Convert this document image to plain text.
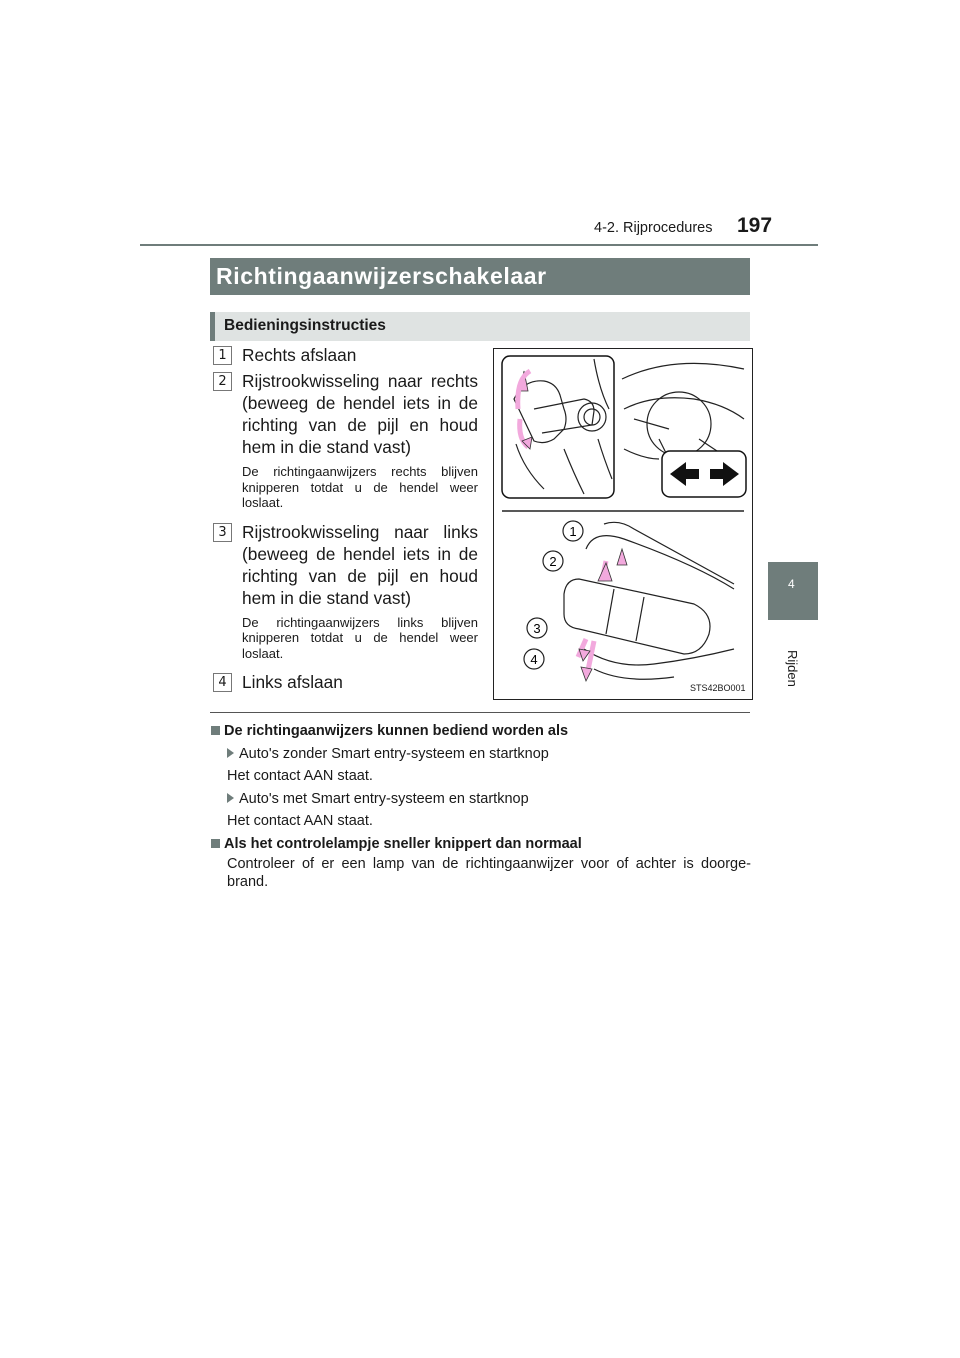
4-2. Rijprocedures 197
4
Rijden
Richtingaanwijzerschakelaar
Bedieningsinstructies
1 Rechts afslaan
2 Rijstrookwisseling naar rechts (beweeg de hendel iets in de richting van de pijl en houd hem in die stand vast)
De richtingaanwijzers rechts blijven knipperen totdat u de hendel weer loslaat.
3 Rijstrookwisseling naar links (beweeg de hendel iets in de richting van de pijl en houd hem in die stand vast)
De richtingaanwijzers links blijven knipperen totdat u de hendel weer loslaat.
4 Links afslaan
1
2
3
4
STS42BO001
De richtingaanwijzers kunnen bediend worden als
Auto's zonder Smart entry-systeem en startknop
Het contact AAN staat.
Auto's met Smart entry-systeem en startknop
Het contact AAN staat.
Als het controlelampje sneller knippert dan normaal
Controleer of er een lamp van de richtingaanwijzer voor of achter is doorge-brand.
